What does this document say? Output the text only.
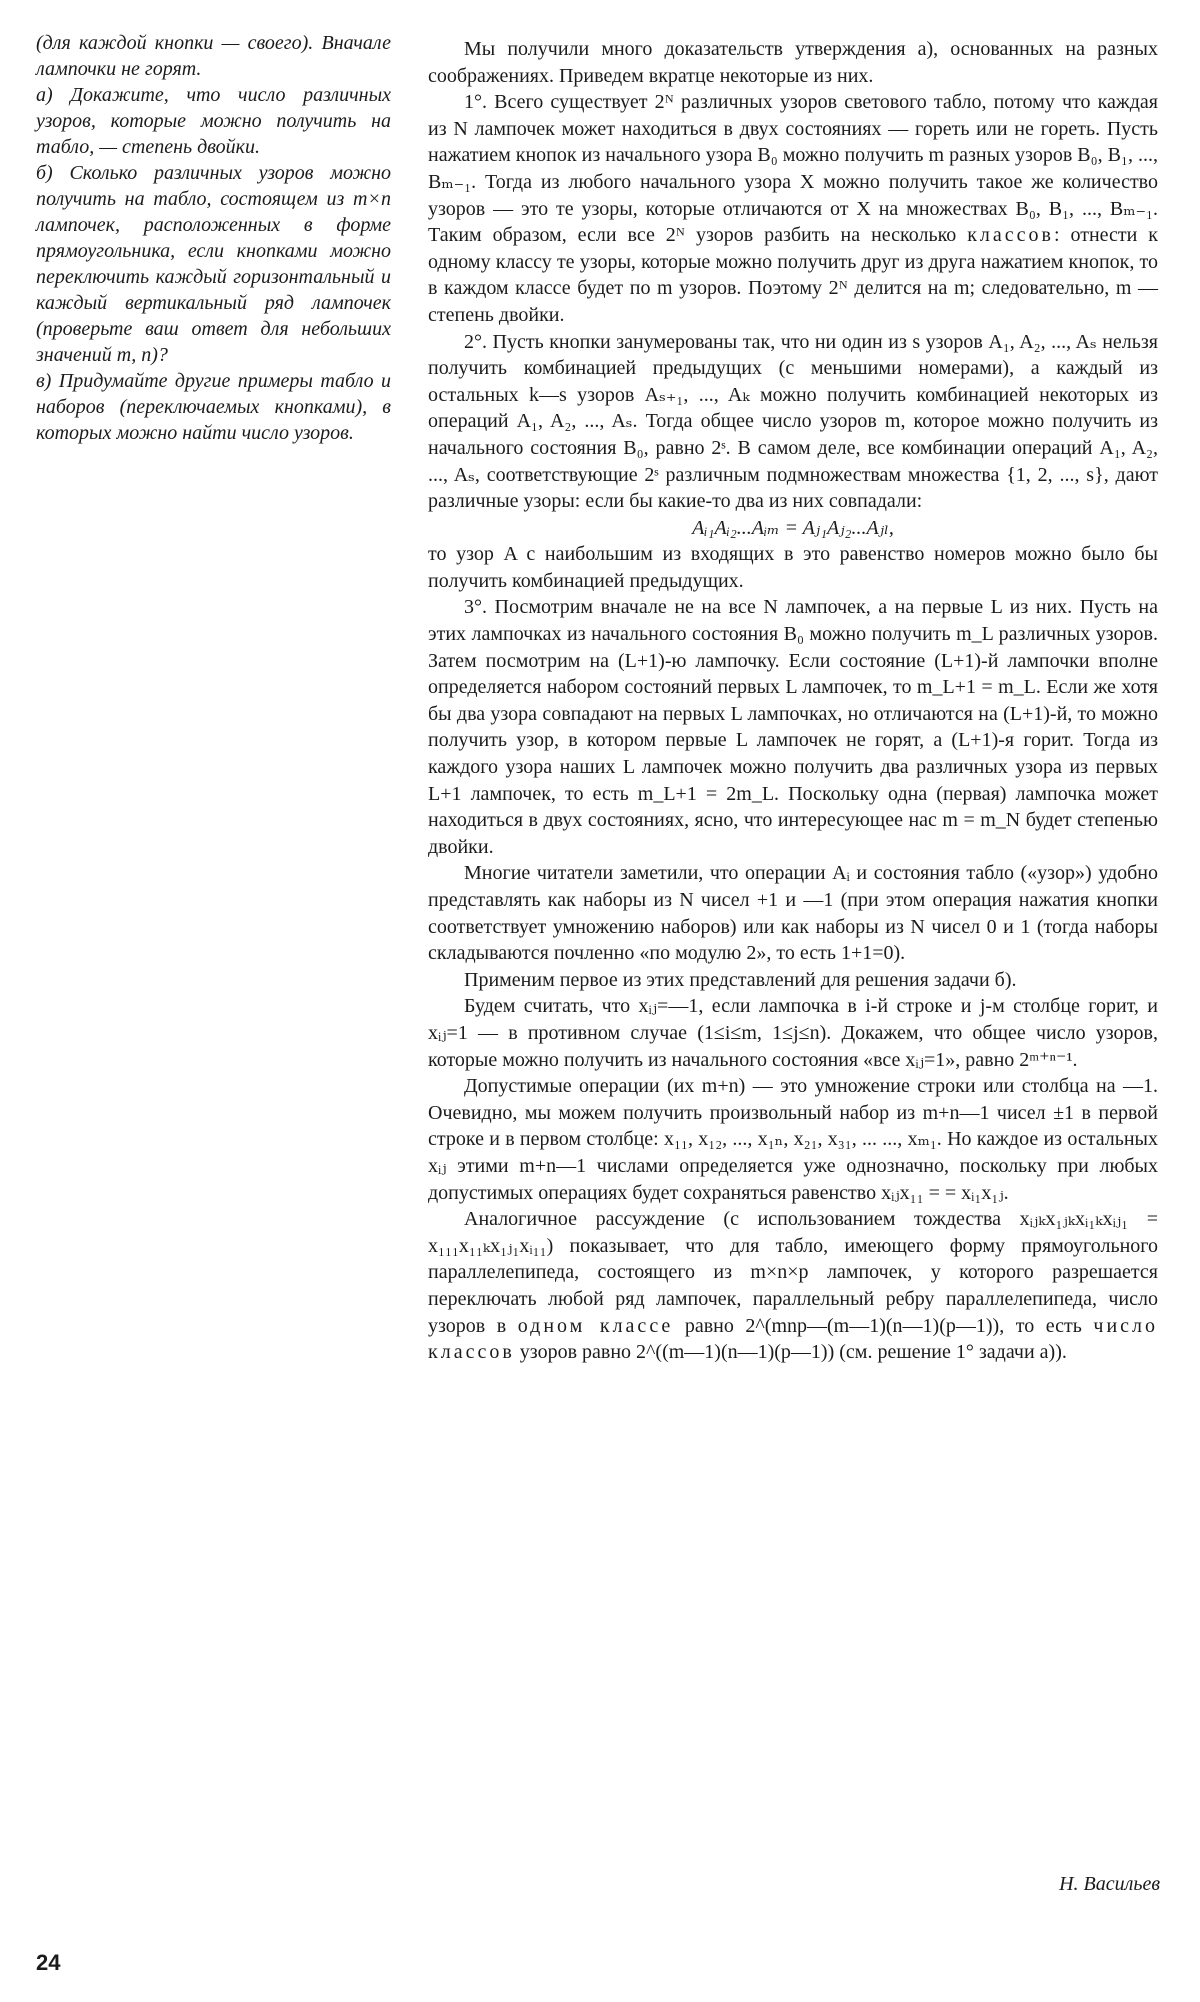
(для каждой кнопки — своего). Вначале лампочки не горят.

а) Докажите, что число различных узоров, которые можно получить на табло, — степень двойки.

б) Сколько различных узоров можно получить на табло, состоящем из m×n лампочек, расположенных в форме прямоугольника, если кнопками можно переключить каждый горизонтальный и каждый вертикальный ряд лампочек (проверьте ваш ответ для небольших значений m, n)?

в) Придумайте другие примеры табло и наборов (переключаемых кнопками), в которых можно найти число узоров.

Мы получили много доказательств утверждения а), основанных на разных соображениях. Приведем вкратце некоторые из них.

1°. Всего существует 2ᴺ различных узоров светового табло, потому что каждая из N лампочек может находиться в двух состояниях — гореть или не гореть. Пусть нажатием кнопок из начального узора B₀ можно получить m разных узоров B₀, B₁, ..., Bₘ₋₁. Тогда из любого начального узора X можно получить такое же количество узоров — это те узоры, которые отличаются от X на множествах B₀, B₁, ..., Bₘ₋₁. Таким образом, если все 2ᴺ узоров разбить на несколько классов: отнести к одному классу те узоры, которые можно получить друг из друга нажатием кнопок, то в каждом классе будет по m узоров. Поэтому 2ᴺ делится на m; следовательно, m — степень двойки.

2°. Пусть кнопки занумерованы так, что ни один из s узоров A₁, A₂, ..., Aₛ нельзя получить комбинацией предыдущих (с меньшими номерами), а каждый из остальных k—s узоров Aₛ₊₁, ..., Aₖ можно получить комбинацией некоторых из операций A₁, A₂, ..., Aₛ. Тогда общее число узоров m, которое можно получить из начального состояния B₀, равно 2ˢ. В самом деле, все комбинации операций A₁, A₂, ..., Aₛ, соответствующие 2ˢ различным подмножествам множества {1, 2, ..., s}, дают различные узоры: если бы какие-то два из них совпадали:

Aᵢ₁Aᵢ₂...Aᵢₘ = Aⱼ₁Aⱼ₂...Aⱼₗ,

то узор A с наибольшим из входящих в это равенство номеров можно было бы получить комбинацией предыдущих.

3°. Посмотрим вначале не на все N лампочек, а на первые L из них. Пусть на этих лампочках из начального состояния B₀ можно получить m_L различных узоров. Затем посмотрим на (L+1)-ю лампочку. Если состояние (L+1)-й лампочки вполне определяется набором состояний первых L лампочек, то m_L+1 = m_L. Если же хотя бы два узора совпадают на первых L лампочках, но отличаются на (L+1)-й, то можно получить узор, в котором первые L лампочек не горят, а (L+1)-я горит. Тогда из каждого узора наших L лампочек можно получить два различных узора из первых L+1 лампочек, то есть m_L+1 = 2m_L. Поскольку одна (первая) лампочка может находиться в двух состояниях, ясно, что интересующее нас m = m_N будет степенью двойки.

Многие читатели заметили, что операции Aᵢ и состояния табло («узор») удобно представлять как наборы из N чисел +1 и —1 (при этом операция нажатия кнопки соответствует умножению наборов) или как наборы из N чисел 0 и 1 (тогда наборы складываются почленно «по модулю 2», то есть 1+1=0).

Применим первое из этих представлений для решения задачи б).

Будем считать, что xᵢⱼ=—1, если лампочка в i-й строке и j-м столбце горит, и xᵢⱼ=1 — в противном случае (1≤i≤m, 1≤j≤n). Докажем, что общее число узоров, которые можно получить из начального состояния «все xᵢⱼ=1», равно 2ᵐ⁺ⁿ⁻¹.

Допустимые операции (их m+n) — это умножение строки или столбца на —1. Очевидно, мы можем получить произвольный набор из m+n—1 чисел ±1 в первой строке и в первом столбце: x₁₁, x₁₂, ..., x₁ₙ, x₂₁, x₃₁, ... ..., xₘ₁. Но каждое из остальных xᵢⱼ этими m+n—1 числами определяется уже однозначно, поскольку при любых допустимых операциях будет сохраняться равенство xᵢⱼx₁₁ = = xᵢ₁x₁ⱼ.

Аналогичное рассуждение (с использованием тождества xᵢⱼₖx₁ⱼₖxᵢ₁ₖxᵢⱼ₁ = x₁₁₁x₁₁ₖx₁ⱼ₁xᵢ₁₁) показывает, что для табло, имеющего форму прямоугольного параллелепипеда, состоящего из m×n×p лампочек, у которого разрешается переключать любой ряд лампочек, параллельный ребру параллелепипеда, число узоров в одном классе равно 2^(mnp—(m—1)(n—1)(p—1)), то есть число классов узоров равно 2^((m—1)(n—1)(p—1)) (см. решение 1° задачи а)).

Н. Васильев
24
